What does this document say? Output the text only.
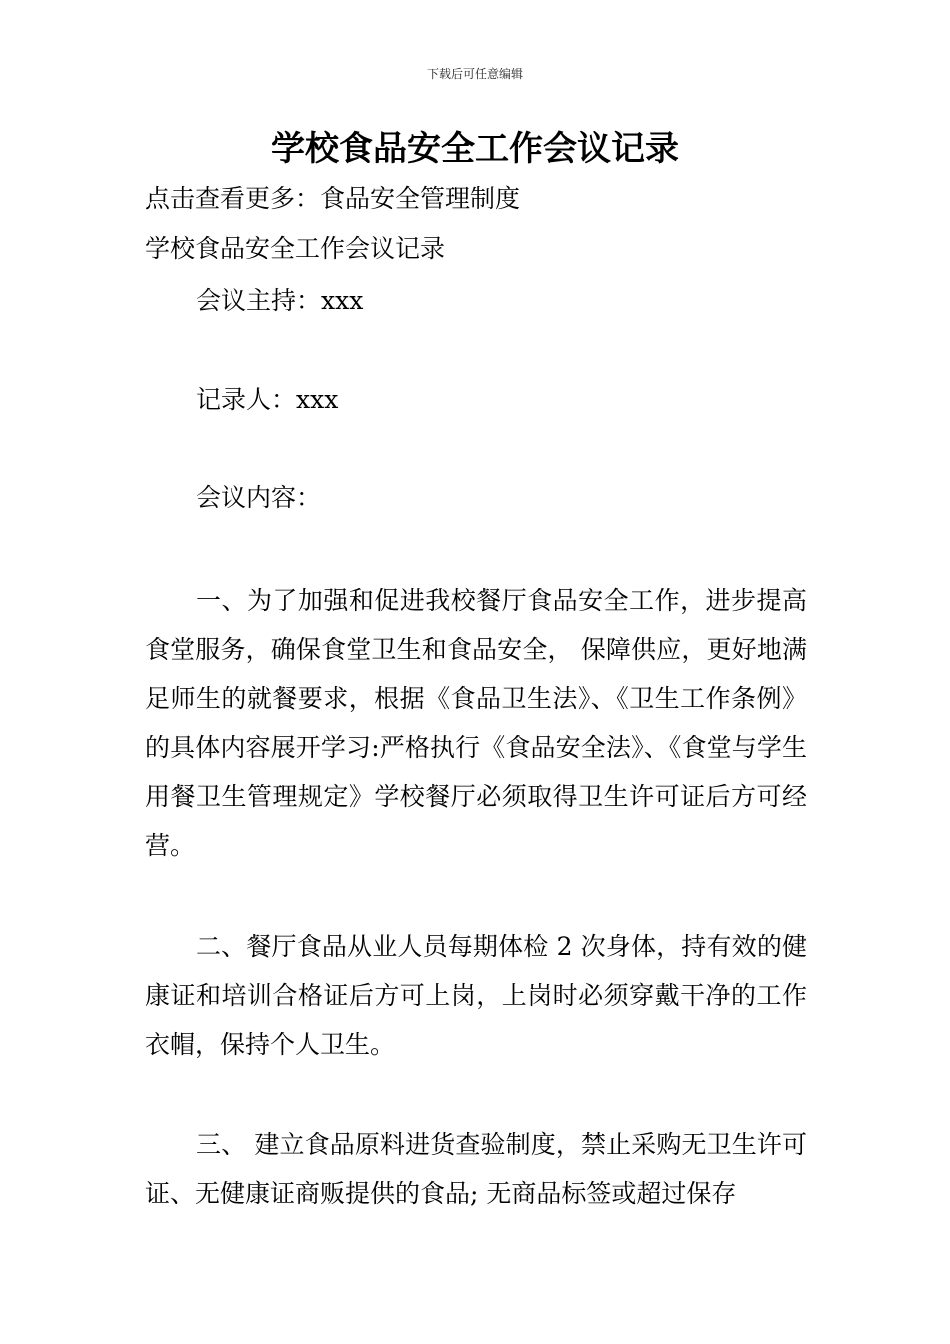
下载后可任意编辑
学校食品安全工作会议记录
点击查看更多：食品安全管理制度
学校食品安全工作会议记录
会议主持：xxx
记录人：xxx
会议内容：
一、为了加强和促进我校餐厅食品安全工作，进步提高食堂服务，确保食堂卫生和食品安全， 保障供应，更好地满足师生的就餐要求，根据《食品卫生法》、《卫生工作条例》的具体内容展开学习:严格执行《食品安全法》、《食堂与学生用餐卫生管理规定》学校餐厅必须取得卫生许可证后方可经营。
二、餐厅食品从业人员每期体检 2 次身体，持有效的健康证和培训合格证后方可上岗，上岗时必须穿戴干净的工作衣帽，保持个人卫生。
三、 建立食品原料进货查验制度，禁止采购无卫生许可证、无健康证商贩提供的食品; 无商品标签或超过保存
